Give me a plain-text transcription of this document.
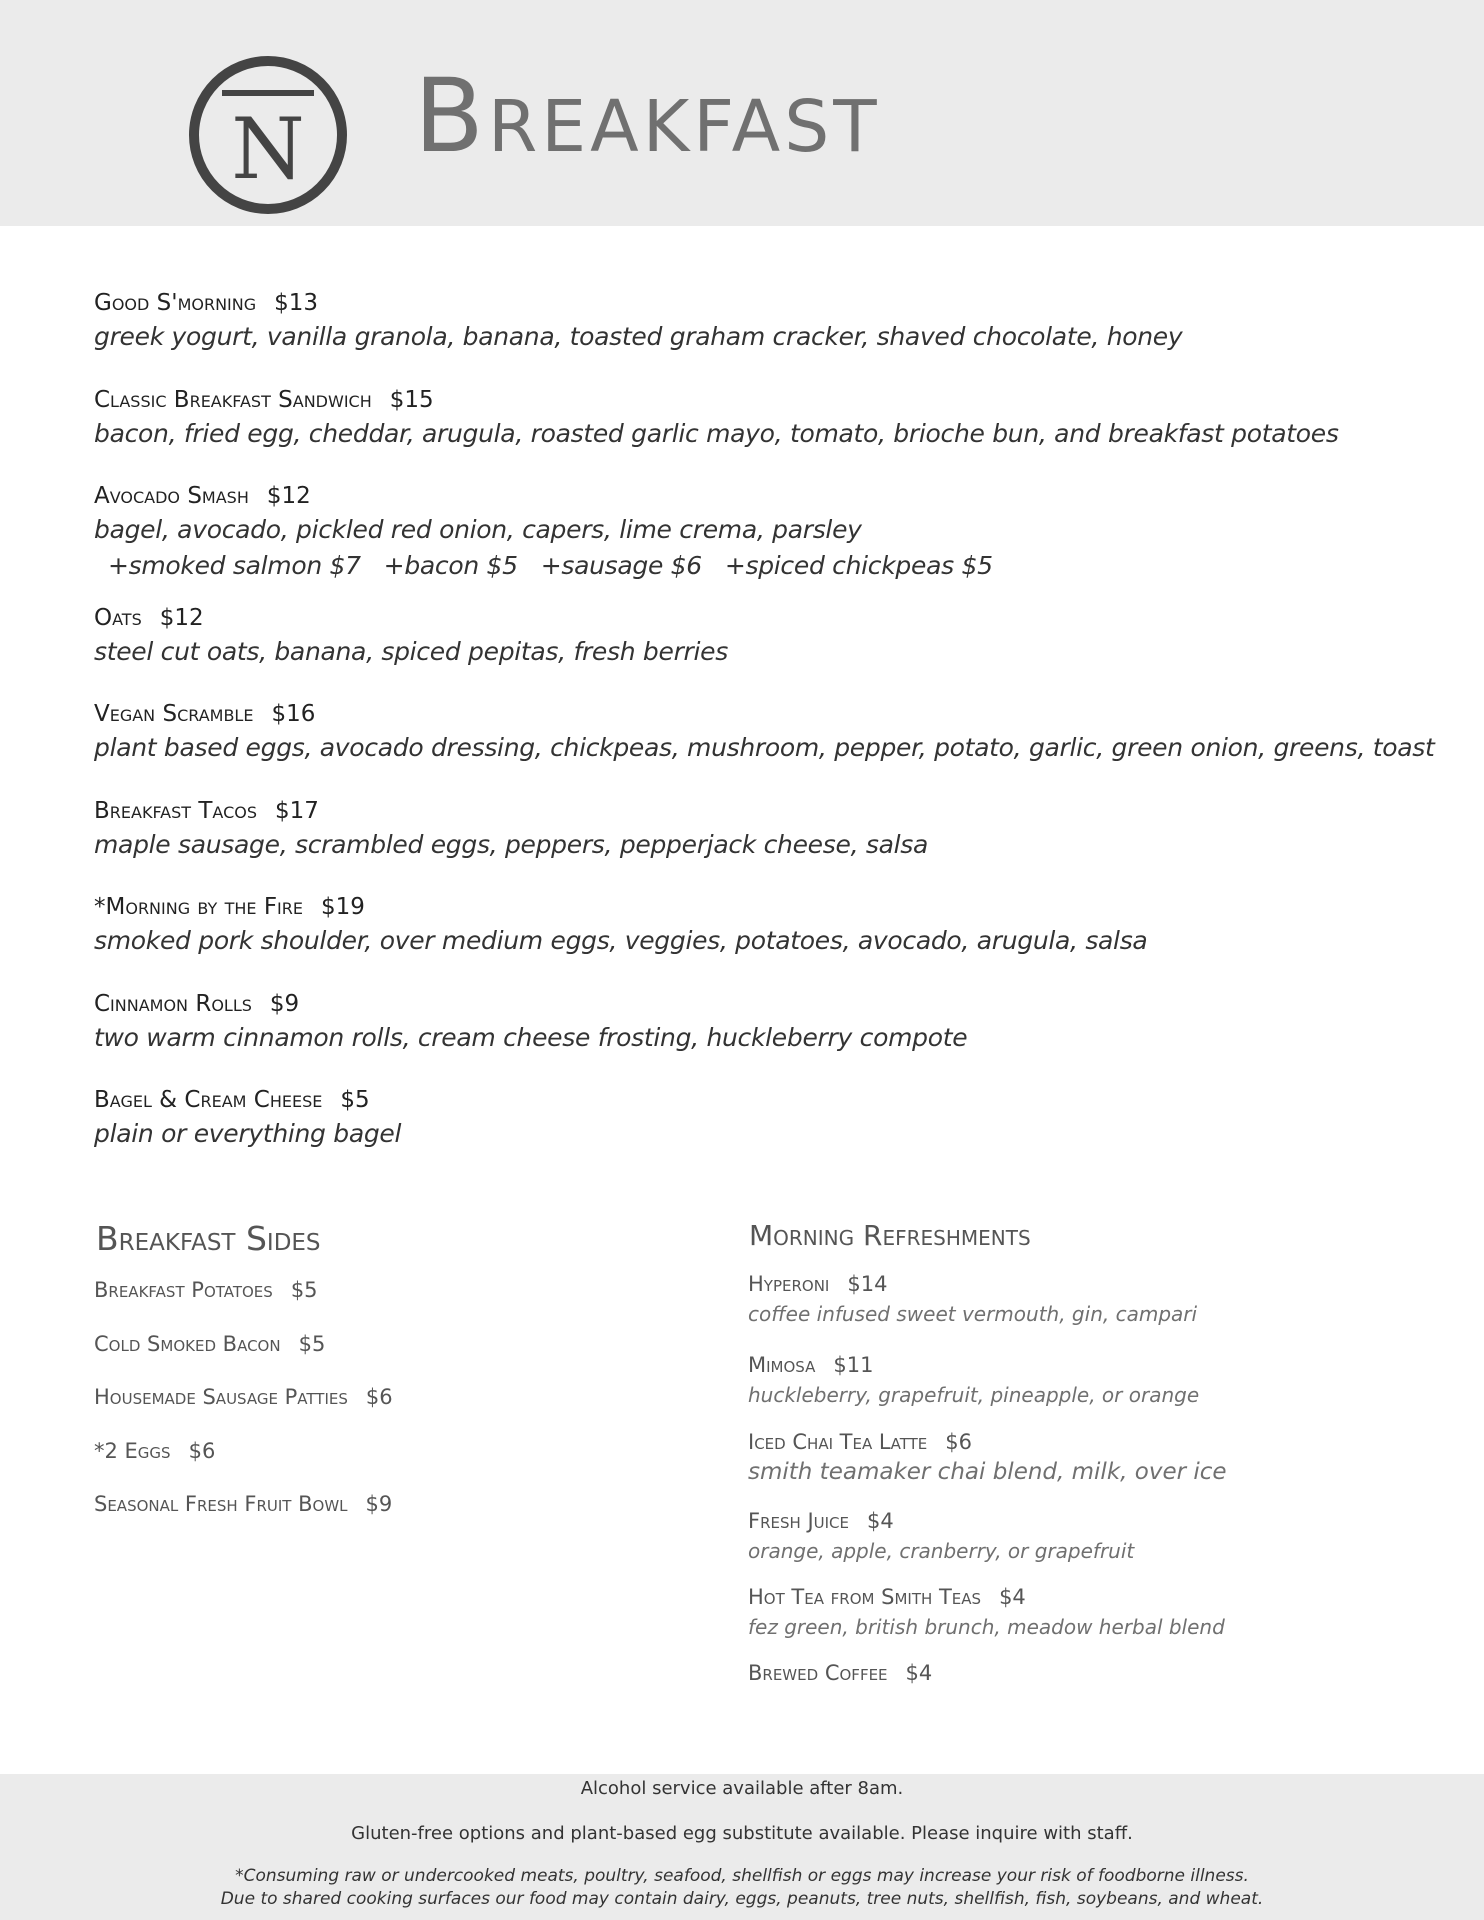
N Breakfast
Good S'morning $13
greek yogurt, vanilla granola, banana, toasted graham cracker, shaved chocolate, honey
Classic Breakfast Sandwich $15
bacon, fried egg, cheddar, arugula, roasted garlic mayo, tomato, brioche bun, and breakfast potatoes
Avocado Smash $12
bagel, avocado, pickled red onion, capers, lime crema, parsley
+smoked salmon $7   +bacon $5   +sausage $6   +spiced chickpeas $5
Oats $12
steel cut oats, banana, spiced pepitas, fresh berries
Vegan Scramble $16
plant based eggs, avocado dressing, chickpeas, mushroom, pepper, potato, garlic, green onion, greens, toast
Breakfast Tacos $17
maple sausage, scrambled eggs, peppers, pepperjack cheese, salsa
*Morning by the Fire $19
smoked pork shoulder, over medium eggs, veggies, potatoes, avocado, arugula, salsa
Cinnamon Rolls $9
two warm cinnamon rolls, cream cheese frosting, huckleberry compote
Bagel & Cream Cheese $5
plain or everything bagel
Breakfast Sides
Breakfast Potatoes $5
Cold Smoked Bacon $5
Housemade Sausage Patties $6
*2 Eggs $6
Seasonal Fresh Fruit Bowl $9
Morning Refreshments
Hyperoni $14
coffee infused sweet vermouth, gin, campari
Mimosa $11
huckleberry, grapefruit, pineapple, or orange
Iced Chai Tea Latte $6
smith teamaker chai blend, milk, over ice
Fresh Juice $4
orange, apple, cranberry, or grapefruit
Hot Tea from Smith Teas $4
fez green, british brunch, meadow herbal blend
Brewed Coffee $4

Alcohol service available after 8am.

Gluten-free options and plant-based egg substitute available. Please inquire with staff.

*Consuming raw or undercooked meats, poultry, seafood, shellfish or eggs may increase your risk of foodborne illness.

Due to shared cooking surfaces our food may contain dairy, eggs, peanuts, tree nuts, shellfish, fish, soybeans, and wheat.
